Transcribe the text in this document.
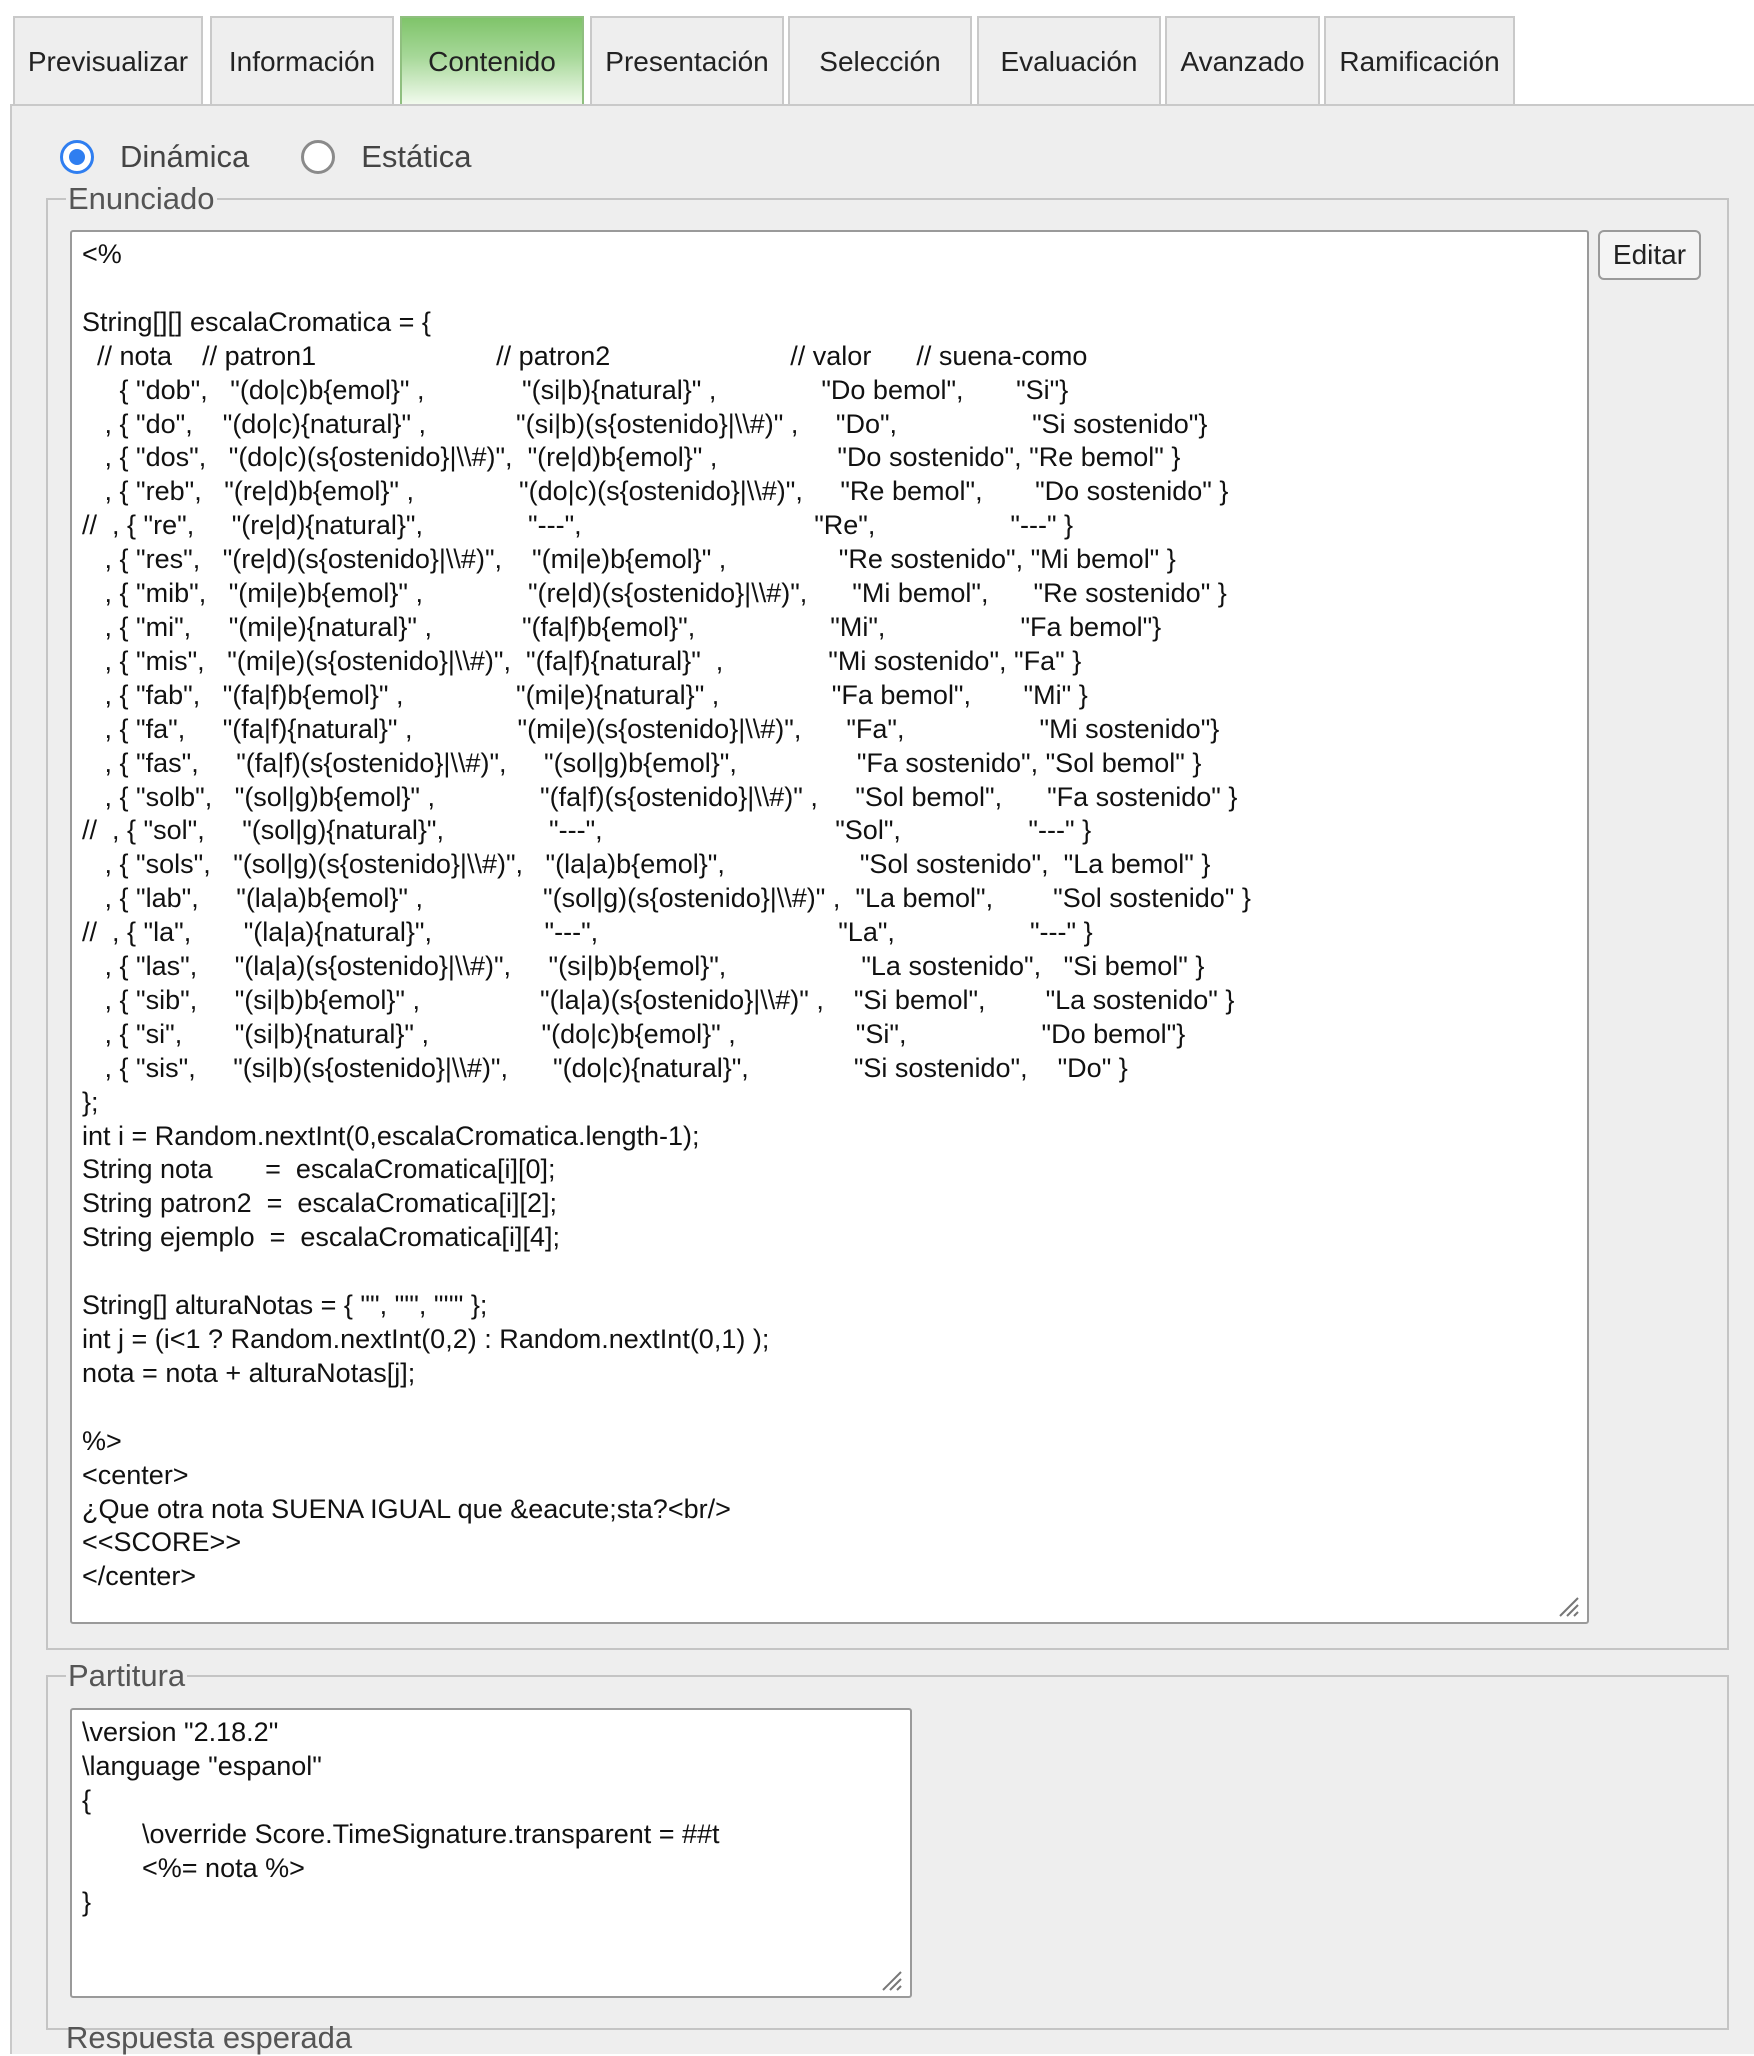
Previsualizar	Información	Contenido	Presentación	Selección	Evaluación	Avanzado	Ramificación
Dinámica	Estática
Enunciado
<%

String[][] escalaCromatica = {
// nota    // patron1                        // patron2                        // valor      // suena-como
{ "dob",   "(do|c)b{emol}" ,             "(si|b){natural}" ,              "Do bemol",       "Si"}
, { "do",    "(do|c){natural}" ,            "(si|b)(s{ostenido}|\\#)" ,     "Do",                  "Si sostenido"}
, { "dos",   "(do|c)(s{ostenido}|\\#)",  "(re|d)b{emol}" ,                "Do sostenido", "Re bemol" }
, { "reb",   "(re|d)b{emol}" ,              "(do|c)(s{ostenido}|\\#)",     "Re bemol",       "Do sostenido" }
//  , { "re",     "(re|d){natural}",              "---",                               "Re",                  "---" }
, { "res",   "(re|d)(s{ostenido}|\\#)",    "(mi|e)b{emol}" ,               "Re sostenido", "Mi bemol" }
, { "mib",   "(mi|e)b{emol}" ,              "(re|d)(s{ostenido}|\\#)",      "Mi bemol",      "Re sostenido" }
, { "mi",     "(mi|e){natural}" ,            "(fa|f)b{emol}",                  "Mi",                  "Fa bemol"}
, { "mis",   "(mi|e)(s{ostenido}|\\#)",  "(fa|f){natural}"  ,              "Mi sostenido", "Fa" }
, { "fab",   "(fa|f)b{emol}" ,               "(mi|e){natural}" ,               "Fa bemol",       "Mi" }
, { "fa",     "(fa|f){natural}" ,              "(mi|e)(s{ostenido}|\\#)",      "Fa",                  "Mi sostenido"}
, { "fas",     "(fa|f)(s{ostenido}|\\#)",     "(sol|g)b{emol}",                "Fa sostenido", "Sol bemol" }
, { "solb",   "(sol|g)b{emol}" ,              "(fa|f)(s{ostenido}|\\#)" ,     "Sol bemol",      "Fa sostenido" }
//  , { "sol",     "(sol|g){natural}",              "---",                               "Sol",                 "---" }
, { "sols",   "(sol|g)(s{ostenido}|\\#)",   "(la|a)b{emol}",                  "Sol sostenido",  "La bemol" }
, { "lab",     "(la|a)b{emol}" ,                "(sol|g)(s{ostenido}|\\#)" ,  "La bemol",        "Sol sostenido" }
//  , { "la",       "(la|a){natural}",               "---",                                "La",                  "---" }
, { "las",     "(la|a)(s{ostenido}|\\#)",     "(si|b)b{emol}",                  "La sostenido",   "Si bemol" }
, { "sib",     "(si|b)b{emol}" ,                "(la|a)(s{ostenido}|\\#)" ,    "Si bemol",        "La sostenido" }
, { "si",       "(si|b){natural}" ,               "(do|c)b{emol}" ,                "Si",                  "Do bemol"}
, { "sis",     "(si|b)(s{ostenido}|\\#)",      "(do|c){natural}",              "Si sostenido",    "Do" }
};
int i = Random.nextInt(0,escalaCromatica.length-1);
String nota       =  escalaCromatica[i][0];
String patron2  =  escalaCromatica[i][2];
String ejemplo  =  escalaCromatica[i][4];

String[] alturaNotas = { "", "'", "''" };
int j = (i<1 ? Random.nextInt(0,2) : Random.nextInt(0,1) );
nota = nota + alturaNotas[j];

%>
<center>
¿Que otra nota SUENA IGUAL que &eacute;sta?<br/>
<<SCORE>>
</center>
Editar
Partitura
\version "2.18.2"
\language "espanol"
{
	\override Score.TimeSignature.transparent = ##t
	<%= nota %>
}
Respuesta esperada
